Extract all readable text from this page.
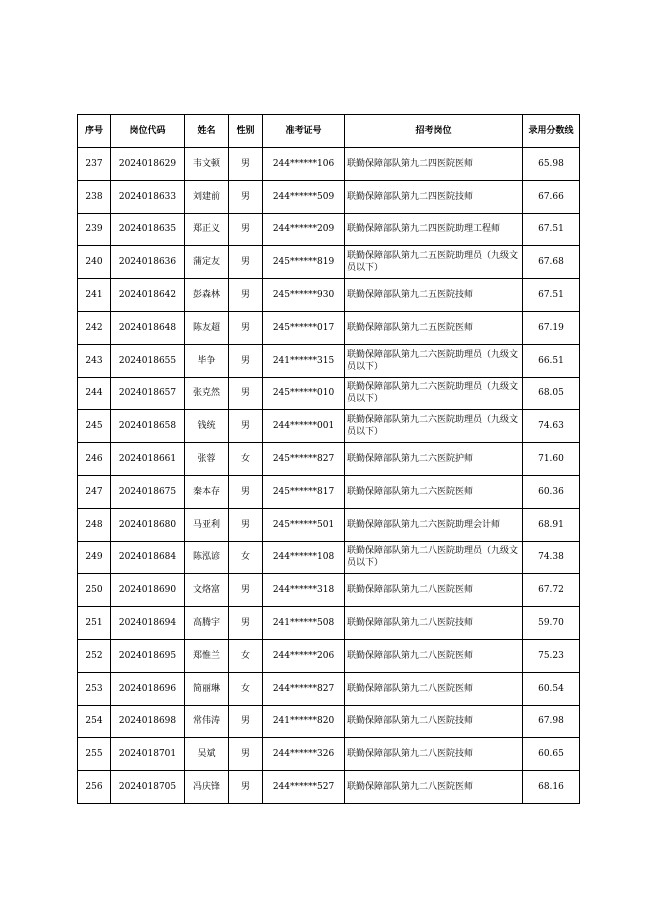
序号	岗位代码	姓名	性别	准考证号	招考岗位	录用分数线
237	2024018629	韦文顿	男	244******106	联勤保障部队第九二四医院医师	65.98
238	2024018633	刘建前	男	244******509	联勤保障部队第九二四医院技师	67.66
239	2024018635	郑正义	男	244******209	联勤保障部队第九二四医院助理工程师	67.51
240	2024018636	蒲定友	男	245******819	联勤保障部队第九二五医院助理员（九级文员以下）	67.68
241	2024018642	彭森林	男	245******930	联勤保障部队第九二五医院技师	67.51
242	2024018648	陈友超	男	245******017	联勤保障部队第九二五医院医师	67.19
243	2024018655	毕争	男	241******315	联勤保障部队第九二六医院助理员（九级文员以下）	66.51
244	2024018657	张克然	男	245******010	联勤保障部队第九二六医院助理员（九级文员以下）	68.05
245	2024018658	钱统	男	244******001	联勤保障部队第九二六医院助理员（九级文员以下）	74.63
246	2024018661	张蓉	女	245******827	联勤保障部队第九二六医院护师	71.60
247	2024018675	秦本存	男	245******817	联勤保障部队第九二六医院医师	60.36
248	2024018680	马亚利	男	245******501	联勤保障部队第九二六医院助理会计师	68.91
249	2024018684	陈泓谚	女	244******108	联勤保障部队第九二八医院助理员（九级文员以下）	74.38
250	2024018690	文烙富	男	244******318	联勤保障部队第九二八医院医师	67.72
251	2024018694	高腾宇	男	241******508	联勤保障部队第九二八医院技师	59.70
252	2024018695	郑惟兰	女	244******206	联勤保障部队第九二八医院医师	75.23
253	2024018696	简丽琳	女	244******827	联勤保障部队第九二八医院医师	60.54
254	2024018698	常伟涛	男	241******820	联勤保障部队第九二八医院技师	67.98
255	2024018701	吴斌	男	244******326	联勤保障部队第九二八医院技师	60.65
256	2024018705	冯庆锋	男	244******527	联勤保障部队第九二八医院医师	68.16
